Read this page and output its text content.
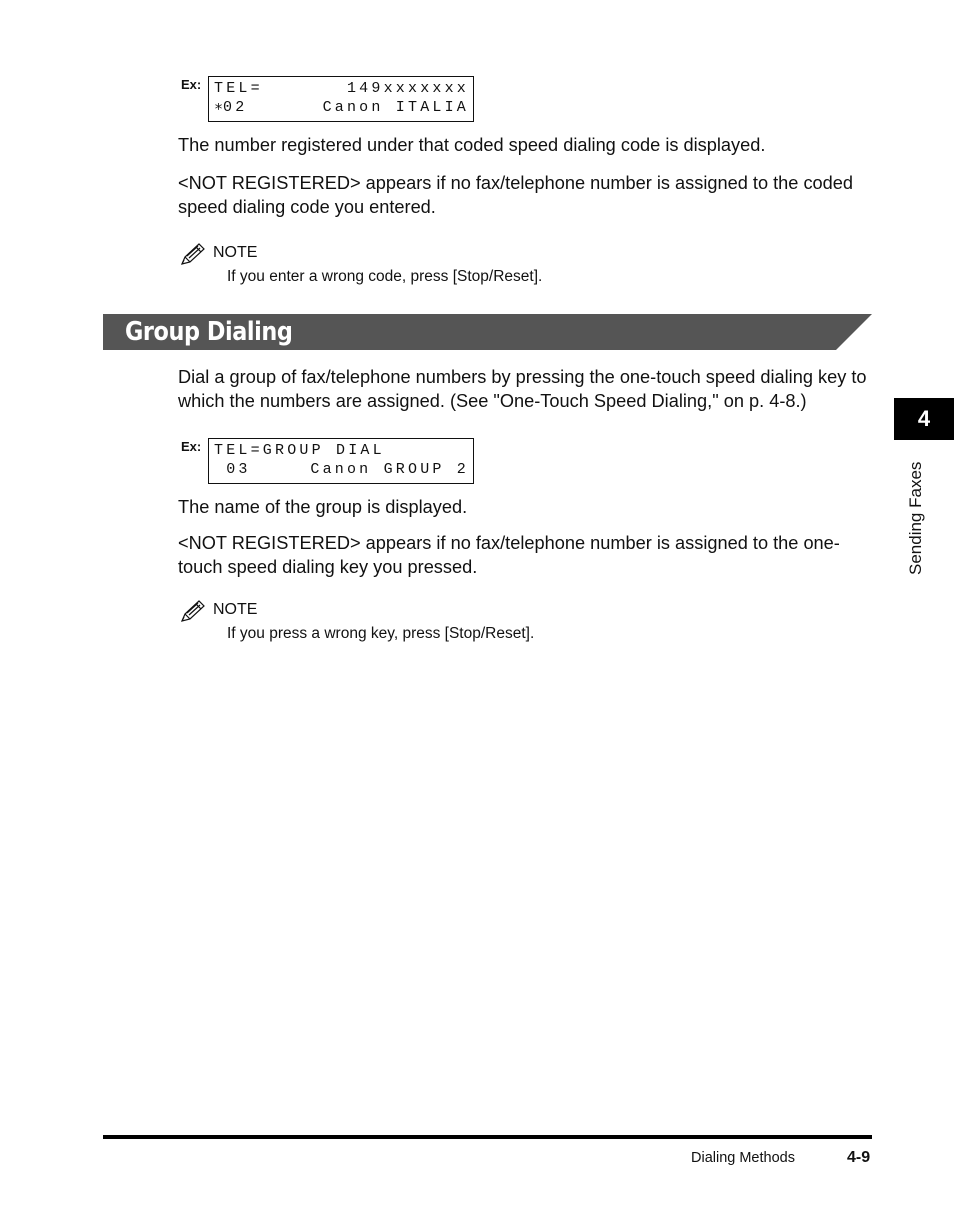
Ex: TEL=	149xxxxxxx
∗02	Canon ITALIA
The number registered under that coded speed dialing code is displayed.
<NOT REGISTERED> appears if no fax/telephone number is assigned to the coded speed dialing code you entered.
NOTE
If you enter a wrong code, press [Stop/Reset].
Group Dialing
Dial a group of fax/telephone numbers by pressing the one-touch speed dialing key to which the numbers are assigned. (See "One-Touch Speed Dialing," on p. 4-8.)
Ex: TEL=GROUP DIAL
03	Canon GROUP 2
The name of the group is displayed.
<NOT REGISTERED> appears if no fax/telephone number is assigned to the one-touch speed dialing key you pressed.
NOTE
If you press a wrong key, press [Stop/Reset].
4
Sending Faxes
Dialing Methods	4-9
